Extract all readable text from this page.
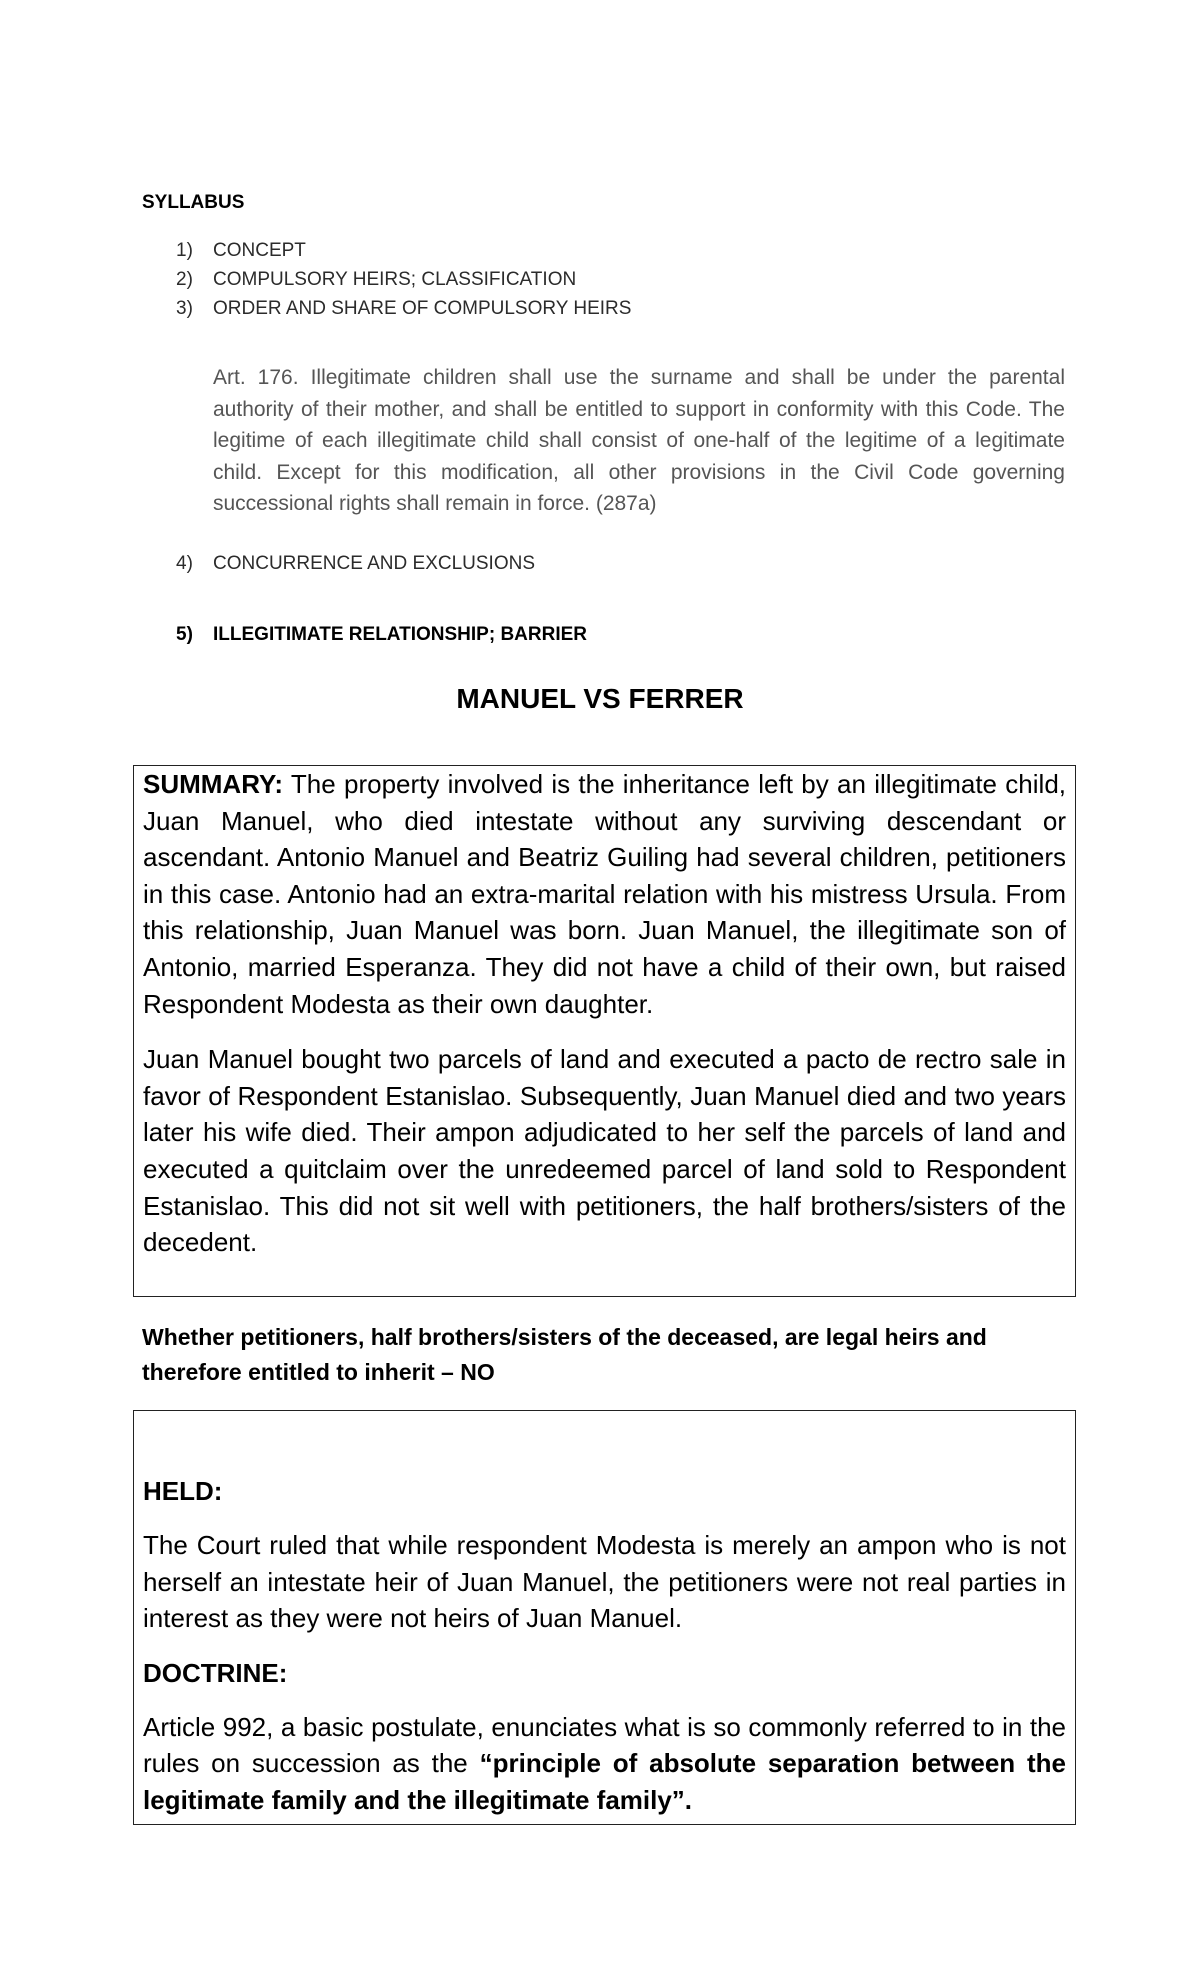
SYLLABUS
1)	CONCEPT
2)	COMPULSORY HEIRS; CLASSIFICATION
3)	ORDER AND SHARE OF COMPULSORY HEIRS
Art. 176. Illegitimate children shall use the surname and shall be under the parental authority of their mother, and shall be entitled to support in conformity with this Code. The legitime of each illegitimate child shall consist of one-half of the legitime of a legitimate child. Except for this modification, all other provisions in the Civil Code governing successional rights shall remain in force. (287a)
4)	CONCURRENCE AND EXCLUSIONS
5)	ILLEGITIMATE RELATIONSHIP; BARRIER
MANUEL VS FERRER

SUMMARY: The property involved is the inheritance left by an illegitimate child, Juan Manuel, who died intestate without any surviving descendant or ascendant. Antonio Manuel and Beatriz Guiling had several children, petitioners in this case. Antonio had an extra-marital relation with his mistress Ursula. From this relationship, Juan Manuel was born. Juan Manuel, the illegitimate son of Antonio, married Esperanza. They did not have a child of their own, but raised Respondent Modesta as their own daughter.

Juan Manuel bought two parcels of land and executed a pacto de rectro sale in favor of Respondent Estanislao. Subsequently, Juan Manuel died and two years later his wife died. Their ampon adjudicated to her self the parcels of land and executed a quitclaim over the unredeemed parcel of land sold to Respondent Estanislao. This did not sit well with petitioners, the half brothers/sisters of the decedent.

Whether petitioners, half brothers/sisters of the deceased, are legal heirs and therefore entitled to inherit – NO

HELD:

The Court ruled that while respondent Modesta is merely an ampon who is not herself an intestate heir of Juan Manuel, the petitioners were not real parties in interest as they were not heirs of Juan Manuel.

DOCTRINE:

Article 992, a basic postulate, enunciates what is so commonly referred to in the rules on succession as the “principle of absolute separation between the legitimate family and the illegitimate family”.
